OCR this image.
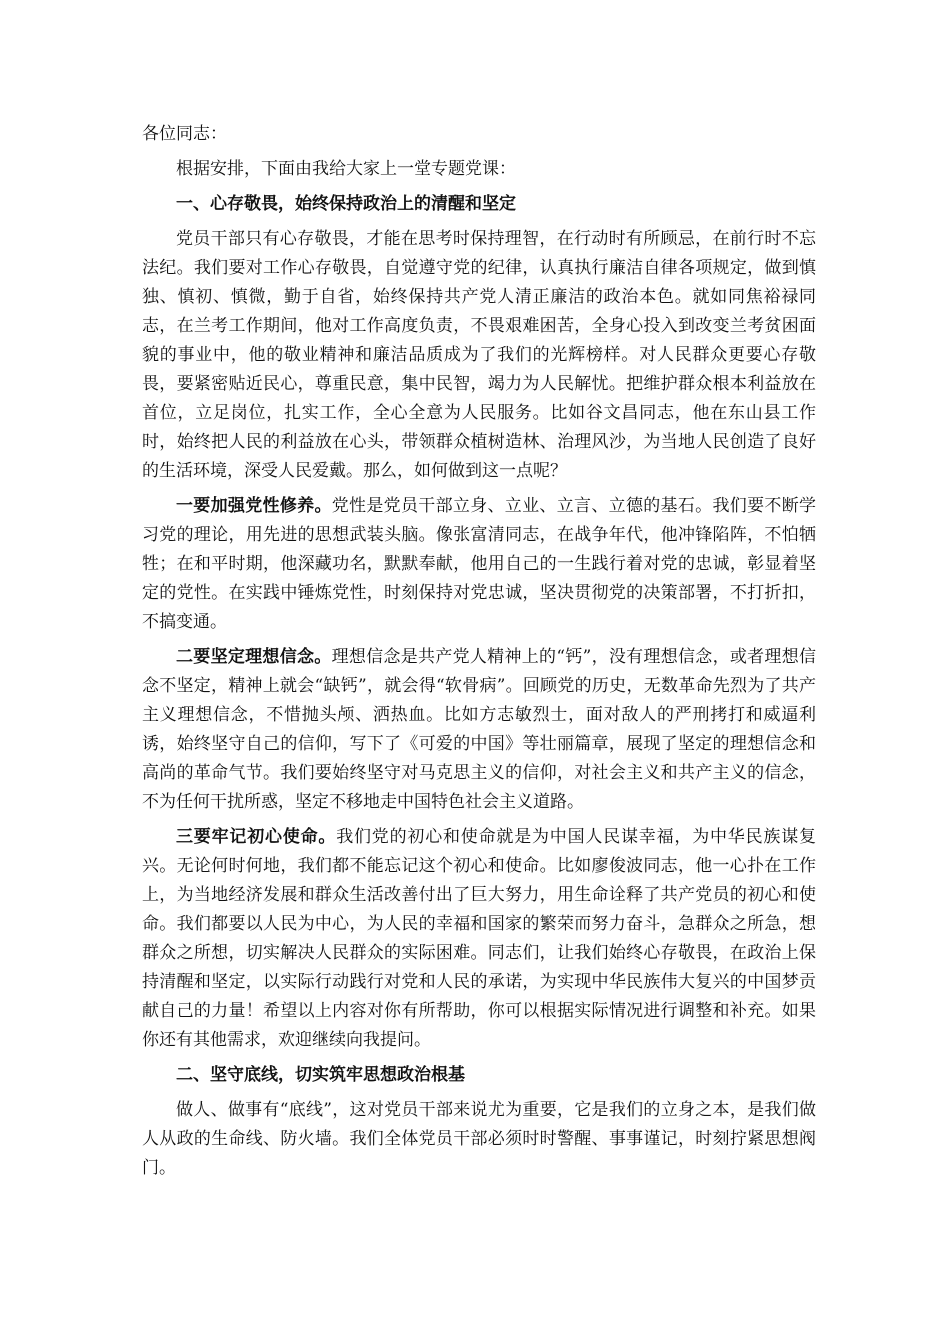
各位同志：

根据安排，下面由我给大家上一堂专题党课：

一、心存敬畏，始终保持政治上的清醒和坚定

党员干部只有心存敬畏，才能在思考时保持理智，在行动时有所顾忌，在前行时不忘法纪。我们要对工作心存敬畏，自觉遵守党的纪律，认真执行廉洁自律各项规定，做到慎独、慎初、慎微，勤于自省，始终保持共产党人清正廉洁的政治本色。就如同焦裕禄同志，在兰考工作期间，他对工作高度负责，不畏艰难困苦，全身心投入到改变兰考贫困面貌的事业中，他的敬业精神和廉洁品质成为了我们的光辉榜样。对人民群众更要心存敬畏，要紧密贴近民心，尊重民意，集中民智，竭力为人民解忧。把维护群众根本利益放在首位，立足岗位，扎实工作，全心全意为人民服务。比如谷文昌同志，他在东山县工作时，始终把人民的利益放在心头，带领群众植树造林、治理风沙，为当地人民创造了良好的生活环境，深受人民爱戴。那么，如何做到这一点呢？

一要加强党性修养。党性是党员干部立身、立业、立言、立德的基石。我们要不断学习党的理论，用先进的思想武装头脑。像张富清同志，在战争年代，他冲锋陷阵，不怕牺牲；在和平时期，他深藏功名，默默奉献，他用自己的一生践行着对党的忠诚，彰显着坚定的党性。在实践中锤炼党性，时刻保持对党忠诚，坚决贯彻党的决策部署，不打折扣，不搞变通。

二要坚定理想信念。理想信念是共产党人精神上的“钙”，没有理想信念，或者理想信念不坚定，精神上就会“缺钙”，就会得“软骨病”。回顾党的历史，无数革命先烈为了共产主义理想信念，不惜抛头颅、洒热血。比如方志敏烈士，面对敌人的严刑拷打和威逼利诱，始终坚守自己的信仰，写下了《可爱的中国》等壮丽篇章，展现了坚定的理想信念和高尚的革命气节。我们要始终坚守对马克思主义的信仰，对社会主义和共产主义的信念，不为任何干扰所惑，坚定不移地走中国特色社会主义道路。

三要牢记初心使命。我们党的初心和使命就是为中国人民谋幸福，为中华民族谋复兴。无论何时何地，我们都不能忘记这个初心和使命。比如廖俊波同志，他一心扑在工作上，为当地经济发展和群众生活改善付出了巨大努力，用生命诠释了共产党员的初心和使命。我们都要以人民为中心，为人民的幸福和国家的繁荣而努力奋斗，急群众之所急，想群众之所想，切实解决人民群众的实际困难。同志们，让我们始终心存敬畏，在政治上保持清醒和坚定，以实际行动践行对党和人民的承诺，为实现中华民族伟大复兴的中国梦贡献自己的力量！希望以上内容对你有所帮助，你可以根据实际情况进行调整和补充。如果你还有其他需求，欢迎继续向我提问。

二、坚守底线，切实筑牢思想政治根基

做人、做事有“底线”，这对党员干部来说尤为重要，它是我们的立身之本，是我们做人从政的生命线、防火墙。我们全体党员干部必须时时警醒、事事谨记，时刻拧紧思想阀门。
